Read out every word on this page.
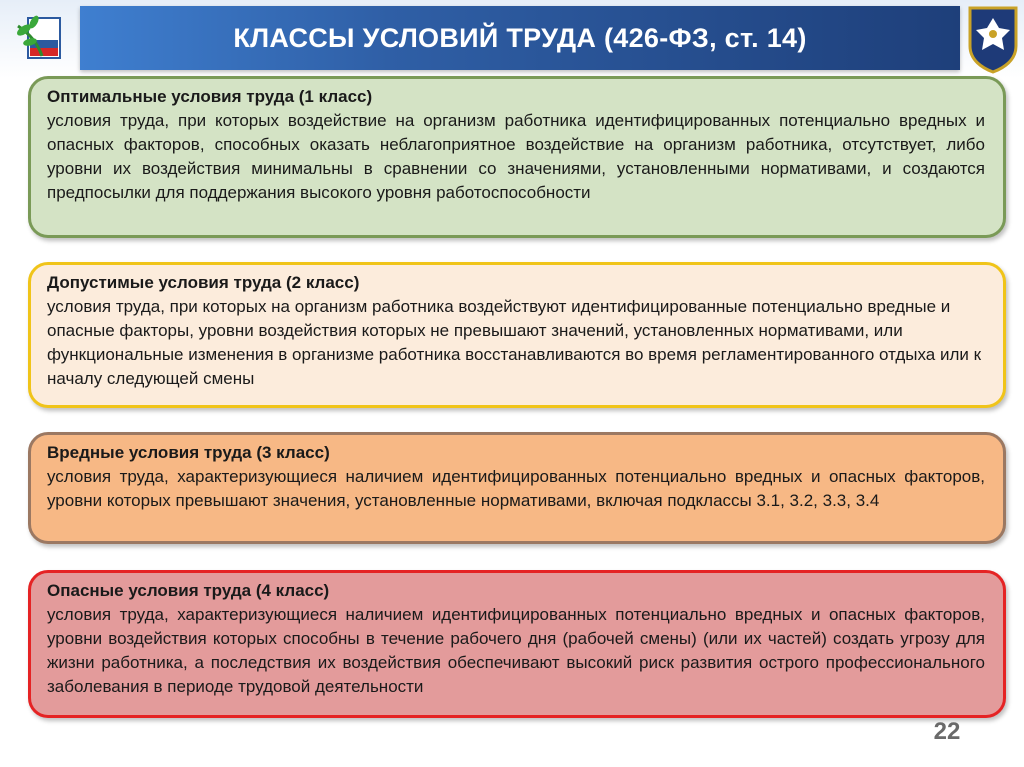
КЛАССЫ УСЛОВИЙ ТРУДА (426-ФЗ, ст. 14)
Оптимальные условия труда (1 класс)
условия труда, при которых воздействие на организм работника идентифицированных потенциально вредных и опасных факторов, способных оказать неблагоприятное воздействие на организм работника, отсутствует, либо уровни их воздействия минимальны в сравнении со значениями, установленными нормативами, и создаются предпосылки для поддержания высокого уровня работоспособности
Допустимые условия труда (2 класс)
условия труда, при которых на организм работника воздействуют идентифицированные потенциально вредные и опасные факторы, уровни воздействия которых не превышают значений, установленных нормативами, или функциональные изменения в организме работника восстанавливаются во время регламентированного отдыха или к началу следующей смены
Вредные условия труда (3 класс)
условия труда, характеризующиеся наличием идентифицированных потенциально вредных и опасных факторов, уровни которых превышают значения, установленные нормативами, включая подклассы 3.1, 3.2, 3.3, 3.4
Опасные условия труда (4 класс)
условия труда, характеризующиеся наличием идентифицированных потенциально вредных и опасных факторов, уровни воздействия которых способны в течение рабочего дня (рабочей смены) (или их частей) создать угрозу для жизни работника, а последствия их воздействия обеспечивают высокий риск развития острого профессионального заболевания в периоде трудовой деятельности
22
